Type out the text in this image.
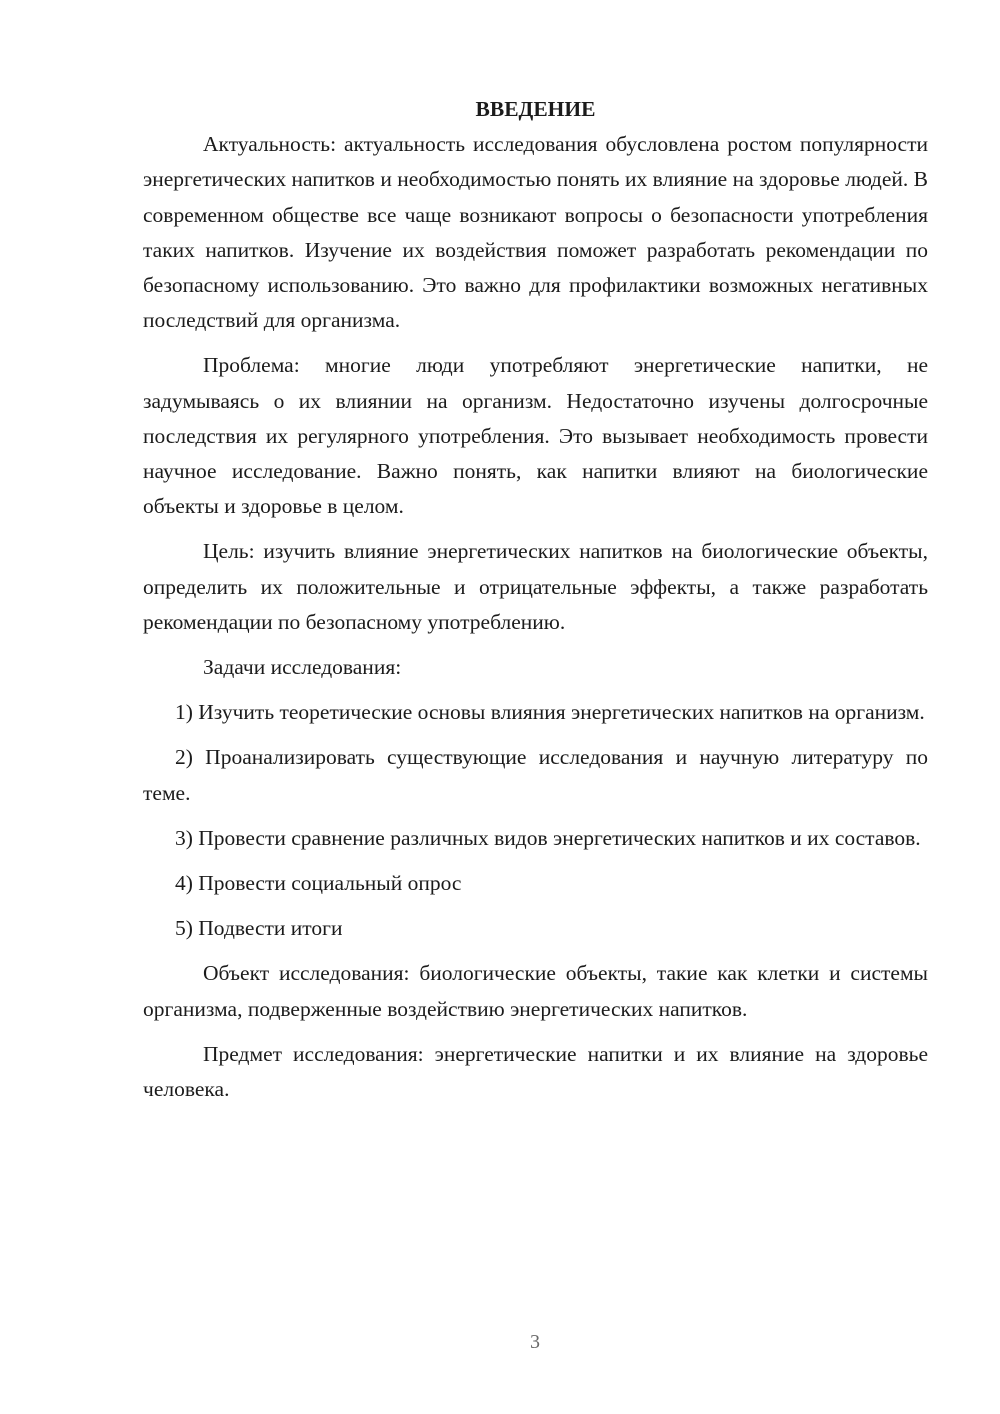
ВВЕДЕНИЕ

Актуальность: актуальность исследования обусловлена ростом популярности энергетических напитков и необходимостью понять их влияние на здоровье людей. В современном обществе все чаще возникают вопросы о безопасности употребления таких напитков. Изучение их воздействия поможет разработать рекомендации по безопасному использованию. Это важно для профилактики возможных негативных последствий для организма.

Проблема: многие люди употребляют энергетические напитки, не задумываясь о их влиянии на организм. Недостаточно изучены долгосрочные последствия их регулярного употребления. Это вызывает необходимость провести научное исследование. Важно понять, как напитки влияют на биологические объекты и здоровье в целом.

Цель: изучить влияние энергетических напитков на биологические объекты, определить их положительные и отрицательные эффекты, а также разработать рекомендации по безопасному употреблению.

Задачи исследования:

1) Изучить теоретические основы влияния энергетических напитков на организм.
2) Проанализировать существующие исследования и научную литературу по теме.
3) Провести сравнение различных видов энергетических напитков и их составов.
4) Провести социальный опрос
5) Подвести итоги

Объект исследования: биологические объекты, такие как клетки и системы организма, подверженные воздействию энергетических напитков.

Предмет исследования: энергетические напитки и их влияние на здоровье человека.

3
